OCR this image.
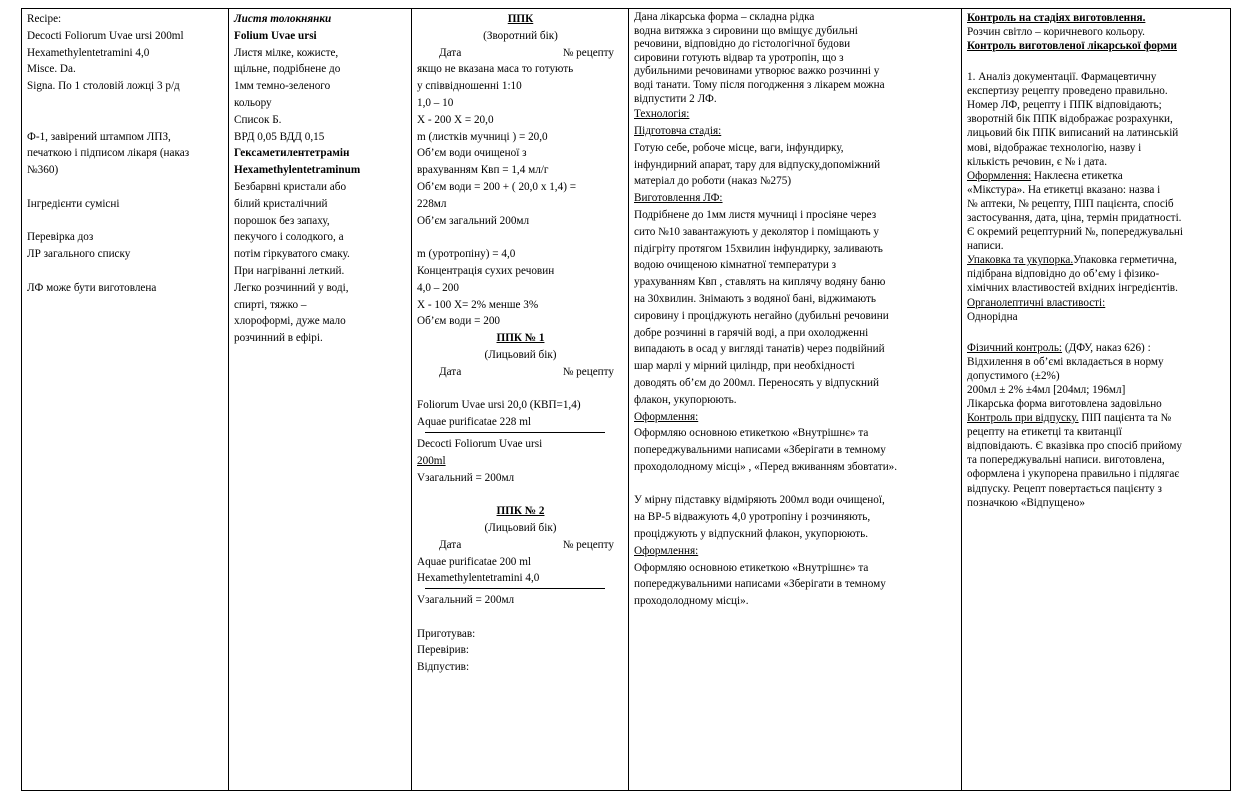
Recipe:
Decocti Foliorum Uvae ursi 200ml
Hexamethylentetramini 4,0
Misce. Da.
Signa. По 1 столовій ложці 3 р/д
Ф-1, завірений штампом ЛПЗ,
печаткою і підписом лікаря (наказ
№360)
Інгредієнти сумісні
Перевірка доз
ЛР загального списку
ЛФ може бути виготовлена
Листя толокнянки
Folium Uvae ursi
Листя мілке, кожисте,
щільне, подрібнене до
1мм темно-зеленого
кольору
Список Б.
ВРД 0,05 ВДД 0,15
Гексаметилентетрамін
Hexamethylentetraminum
Безбарвні кристали або
білий кристалічний
порошок без запаху,
пекучого і солодкого, а
потім гіркуватого смаку.
При нагріванні леткий.
Легко розчинний у воді,
спирті, тяжко –
хлороформі, дуже мало
розчинний в ефірі.
ППК
(Зворотний бік)
Дата	№ рецепту
якщо не вказана маса то готують
у співвідношенні 1:10
1,0 – 10
Х - 200 Х = 20,0
m (листків мучниці ) = 20,0
Об’єм води очищеної з
врахуванням Квп = 1,4 мл/г
Об’єм води = 200 + ( 20,0 х 1,4) =
228мл
Об’єм загальний 200мл
m (уротропіну) = 4,0
Концентрація сухих речовин
4,0 – 200
Х - 100 Х= 2% менше 3%
Об’єм води = 200
ППК № 1
(Лицьовий бік)
Дата	№ рецепту
Foliorum Uvae ursi 20,0 (КВП=1,4)
Aquae purificatae 228 ml
Decocti Foliorum Uvae ursi
200ml
Vзагальний = 200мл
ППК № 2
(Лицьовий бік)
Дата	№ рецепту
Aquae purificatae 200 ml
Hexamethylentetramini 4,0
Vзагальний = 200мл
Приготував:
Перевірив:
Відпустив:
Дана лікарська форма – складна рідка
водна витяжка з сировини що вміщує дубильні
речовини, відповідно до гістологічної будови
сировини готують відвар та уротропін, що з
дубильними речовинами утворює важко розчинні у
воді танати. Тому після погодження з лікарем можна
відпустити 2 ЛФ.
Технологія:
Підготовча стадія:
Готую себе, робоче місце, ваги, інфундирку,
інфундирний апарат, тару для відпуску,допоміжний
матеріал до роботи (наказ №275)
Виготовлення ЛФ:
Подрібнене до 1мм листя мучниці і просіяне через
сито №10 завантажують у деколятор і поміщають у
підігріту протягом 15хвилин інфундирку, заливають
водою очищеною кімнатної температури з
урахуванням Квп , ставлять на киплячу водяну баню
на 30хвилин. Знімають з водяної бані, віджимають
сировину і проціджують негайно (дубильні речовини
добре розчинні в гарячій воді, а при охолодженні
випадають в осад у вигляді танатів) через подвійний
шар марлі у мірний циліндр, при необхідності
доводять об’єм до 200мл. Переносять у відпускний
флакон, укупорюють.
Оформлення:
Оформляю основною етикеткою «Внутрішнє» та
попереджувальними написами «Зберігати в темному
проходолодному місці» , «Перед вживанням збовтати».
У мірну підставку відміряють 200мл води очищеної,
на ВР-5 відважують 4,0 уротропіну і розчиняють,
проціджують у відпускний флакон, укупорюють.
Оформлення:
Оформляю основною етикеткою «Внутрішнє» та
попереджувальними написами «Зберігати в темному
проходолодному місці».
Контроль на стадіях виготовлення.
Розчин світло – коричневого кольору.
Контроль виготовленої лікарської форми
1. Аналіз документації. Фармацевтичну
експертизу рецепту проведено правильно.
Номер ЛФ, рецепту і ППК відповідають;
зворотній бік ППК відображає розрахунки,
лицьовий бік ППК виписаний на латинській
мові, відображає технологію, назву і
кількість речовин, є № і дата.
Оформлення: Наклеєна етикетка
«Мікстура». На етикетці вказано: назва і
№ аптеки, № рецепту, ПІП пацієнта, спосіб
застосування, дата, ціна, термін придатності.
Є окремий рецептурний №, попереджувальні
написи.
Упаковка та укупорка.Упаковка герметична,
підібрана відповідно до об’єму і фізико-
хімічних властивостей вхідних інгредієнтів.
Органолептичні властивості:
Однорідна
Фізичний контроль: (ДФУ, наказ 626) :
Відхилення в об’ємі вкладається в норму
допустимого (±2%)
200мл ± 2% ±4мл [204мл; 196мл]
Лікарська форма виготовлена задовільно
Контроль при відпуску. ПІП пацієнта та №
рецепту на етикетці та квитанції
відповідають. Є вказівка про спосіб прийому
та попереджувальні написи. виготовлена,
оформлена і укупорена правильно і підлягає
відпуску. Рецепт повертається пацієнту з
позначкою «Відпущено»
